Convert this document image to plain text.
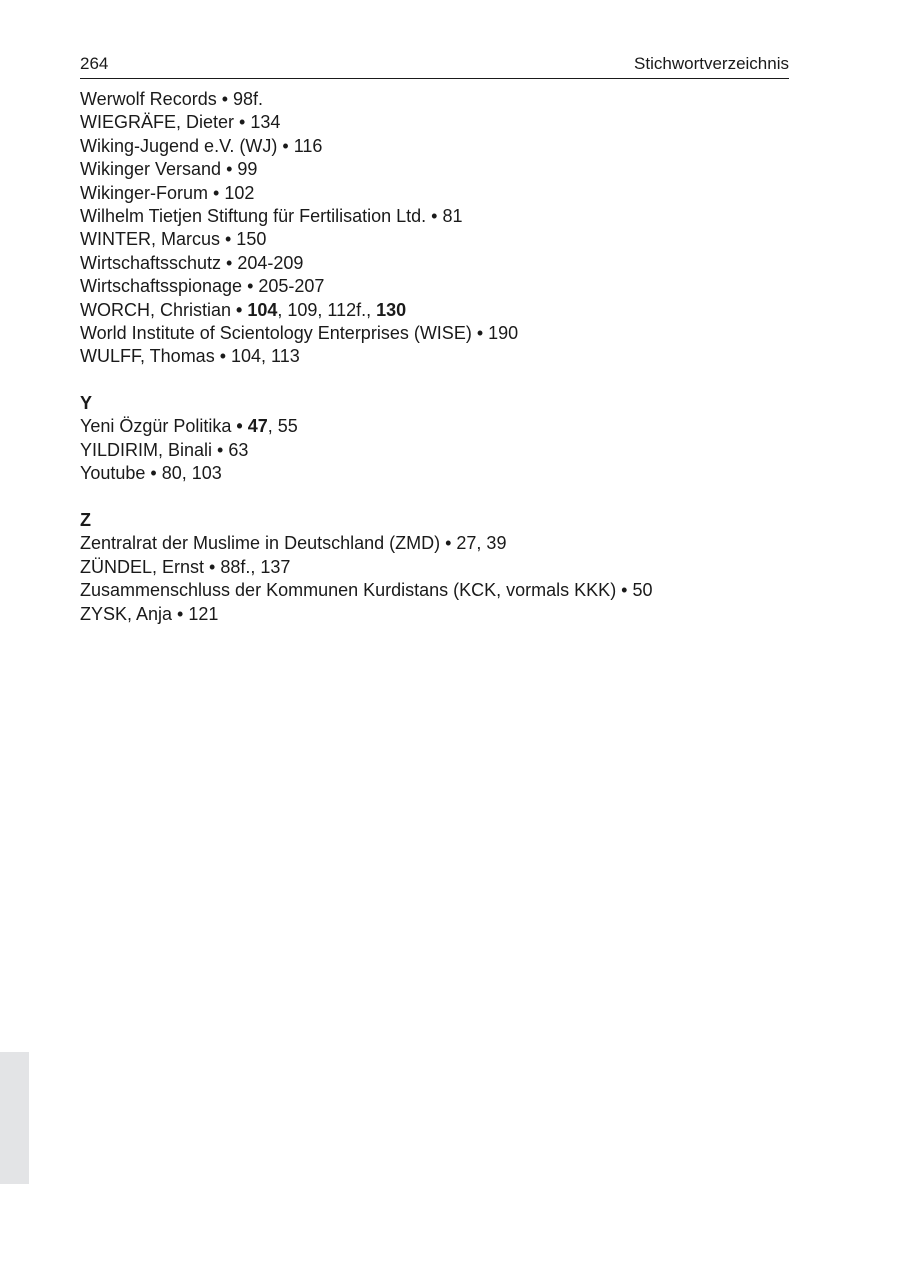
264	Stichwortverzeichnis
Werwolf Records • 98f.
WIEGRÄFE, Dieter • 134
Wiking-Jugend e.V. (WJ) • 116
Wikinger Versand • 99
Wikinger-Forum • 102
Wilhelm Tietjen Stiftung für Fertilisation Ltd. • 81
WINTER, Marcus • 150
Wirtschaftsschutz • 204-209
Wirtschaftsspionage • 205-207
WORCH, Christian • 104, 109, 112f., 130
World Institute of Scientology Enterprises (WISE) • 190
WULFF, Thomas • 104, 113
Y
Yeni Özgür Politika • 47, 55
YILDIRIM, Binali • 63
Youtube • 80, 103
Z
Zentralrat der Muslime in Deutschland (ZMD) • 27, 39
ZÜNDEL, Ernst • 88f., 137
Zusammenschluss der Kommunen Kurdistans (KCK, vormals KKK) • 50
ZYSK, Anja • 121
